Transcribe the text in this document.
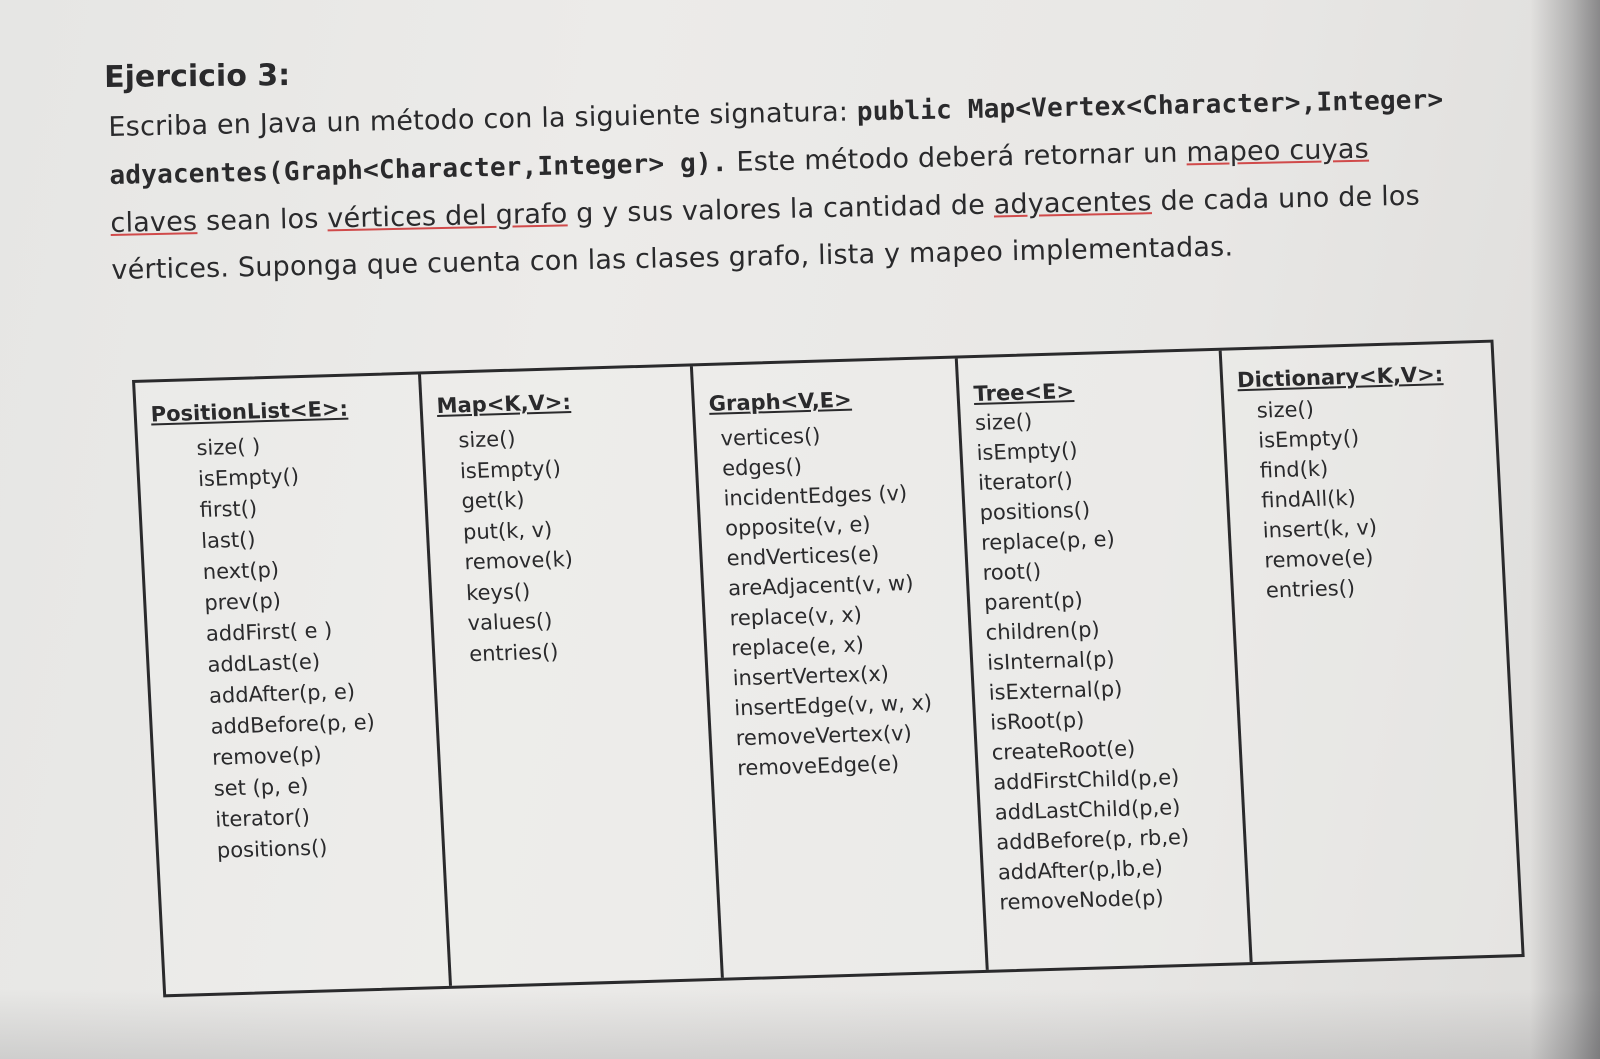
Ejercicio 3:

Escriba en Java un método con la siguiente signatura: public Map<Vertex<Character>,Integer> adyacentes(Graph<Character,Integer> g). Este método deberá retornar un mapeo cuyas claves sean los vértices del grafo g y sus valores la cantidad de adyacentes de cada uno de los vértices. Suponga que cuenta con las clases grafo, lista y mapeo implementadas.

PositionList<E>:
size( )
isEmpty()
first()
last()
next(p)
prev(p)
addFirst( e )
addLast(e)
addAfter(p, e)
addBefore(p, e)
remove(p)
set (p, e)
iterator()
positions()
Map<K,V>:
size()
isEmpty()
get(k)
put(k, v)
remove(k)
keys()
values()
entries()
Graph<V,E>
vertices()
edges()
incidentEdges (v)
opposite(v, e)
endVertices(e)
areAdjacent(v, w)
replace(v, x)
replace(e, x)
insertVertex(x)
insertEdge(v, w, x)
removeVertex(v)
removeEdge(e)
Tree<E>
size()
isEmpty()
iterator()
positions()
replace(p, e)
root()
parent(p)
children(p)
isInternal(p)
isExternal(p)
isRoot(p)
createRoot(e)
addFirstChild(p,e)
addLastChild(p,e)
addBefore(p, rb,e)
addAfter(p,lb,e)
removeNode(p)
Dictionary<K,V>:
size()
isEmpty()
find(k)
findAll(k)
insert(k, v)
remove(e)
entries()
